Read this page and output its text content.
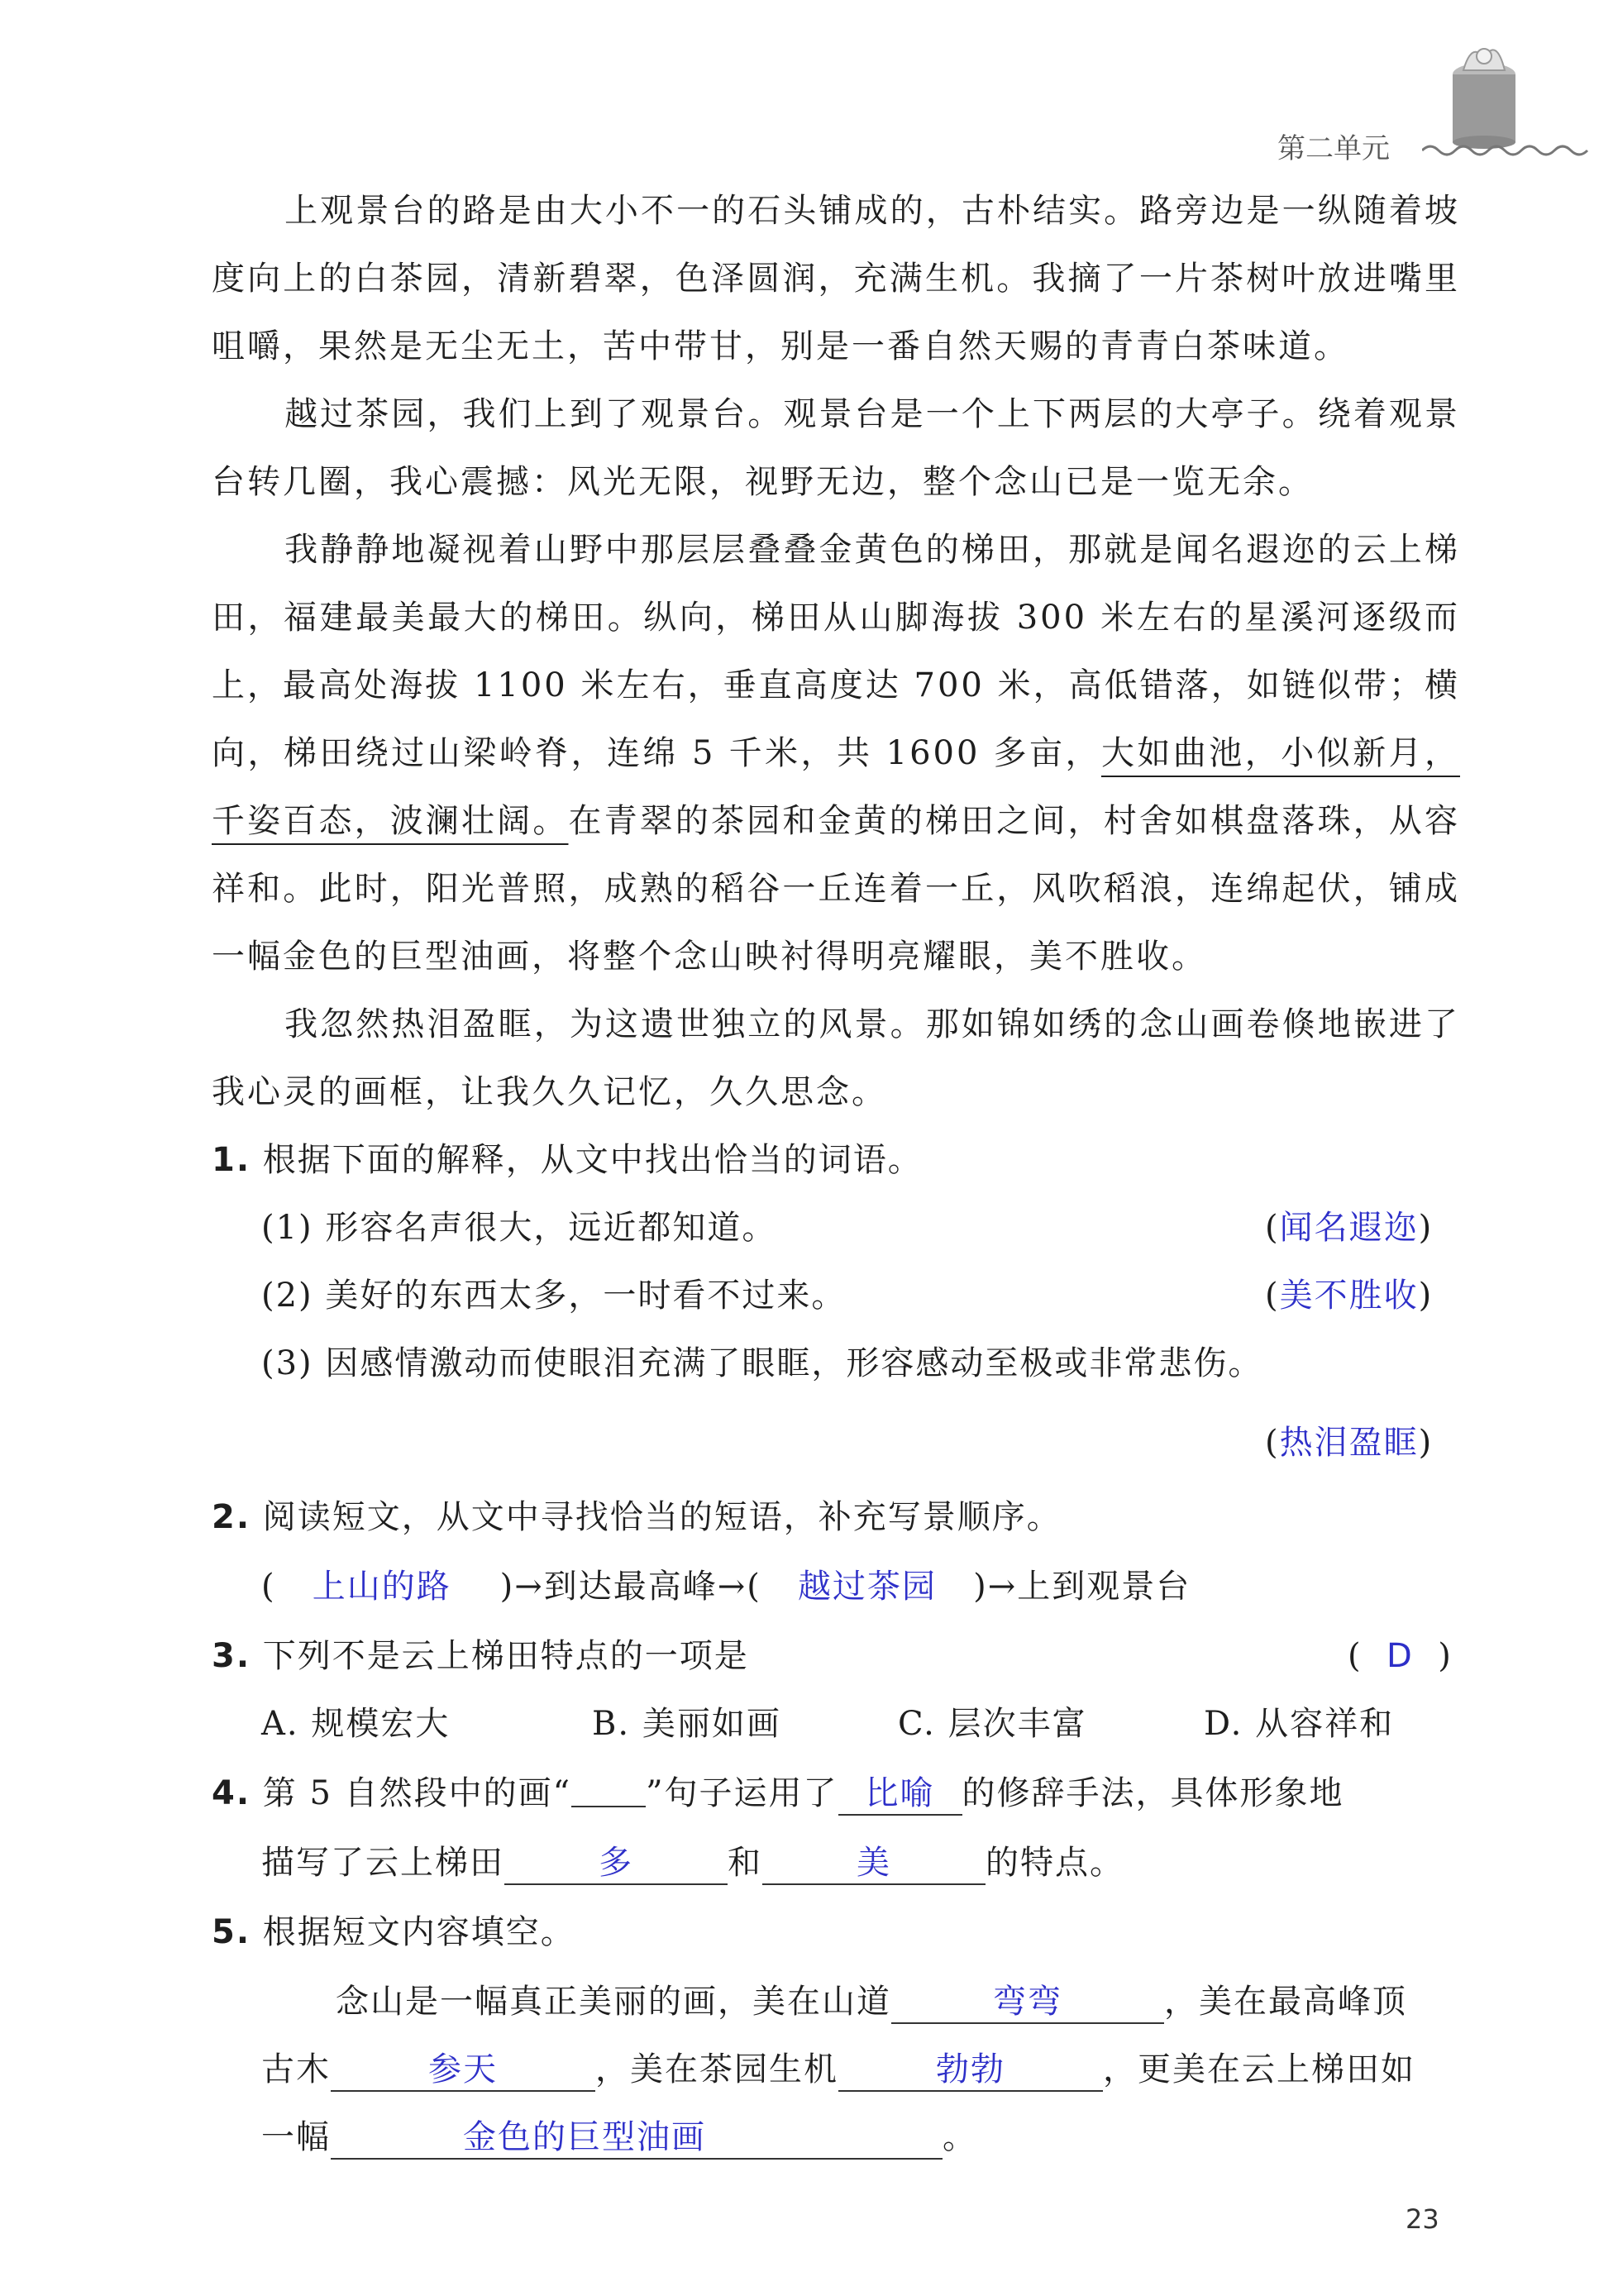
第二单元

上观景台的路是由大小不一的石头铺成的，古朴结实。路旁边是一纵随着坡度向上的白茶园，清新碧翠，色泽圆润，充满生机。我摘了一片茶树叶放进嘴里咀嚼，果然是无尘无土，苦中带甘，别是一番自然天赐的青青白茶味道。

越过茶园，我们上到了观景台。观景台是一个上下两层的大亭子。绕着观景台转几圈，我心震撼：风光无限，视野无边，整个念山已是一览无余。

我静静地凝视着山野中那层层叠叠金黄色的梯田，那就是闻名遐迩的云上梯田，福建最美最大的梯田。纵向，梯田从山脚海拔 300 米左右的星溪河逐级而上，最高处海拔 1100 米左右，垂直高度达 700 米，高低错落，如链似带；横向，梯田绕过山梁岭脊，连绵 5 千米，共 1600 多亩，大如曲池，小似新月，千姿百态，波澜壮阔。在青翠的茶园和金黄的梯田之间，村舍如棋盘落珠，从容祥和。此时，阳光普照，成熟的稻谷一丘连着一丘，风吹稻浪，连绵起伏，铺成一幅金色的巨型油画，将整个念山映衬得明亮耀眼，美不胜收。

我忽然热泪盈眶，为这遗世独立的风景。那如锦如绣的念山画卷倏地嵌进了我心灵的画框，让我久久记忆，久久思念。

1. 根据下面的解释，从文中找出恰当的词语。
(1) 形容名声很大，远近都知道。	(闻名遐迩)
(2) 美好的东西太多，一时看不过来。	(美不胜收)
(3) 因感情激动而使眼泪充满了眼眶，形容感动至极或非常悲伤。
(热泪盈眶)
2. 阅读短文，从文中寻找恰当的短语，补充写景顺序。
(   上山的路 )→到达最高峰→( 越过茶园 )→上到观景台
3. 下列不是云上梯田特点的一项是	(  D  )
A. 规模宏大	B. 美丽如画	C. 层次丰富	D. 从容祥和
4. 第 5 自然段中的画“ ”句子运用了 比喻 的修辞手法，具体形象地
描写了云上梯田	多	和	美	的特点。
5. 根据短文内容填空。
念山是一幅真正美丽的画，美在山道	弯弯	，美在最高峰顶
古木	参天	，美在茶园生机	勃勃	，更美在云上梯田如
一幅	金色的巨型油画	。
23
